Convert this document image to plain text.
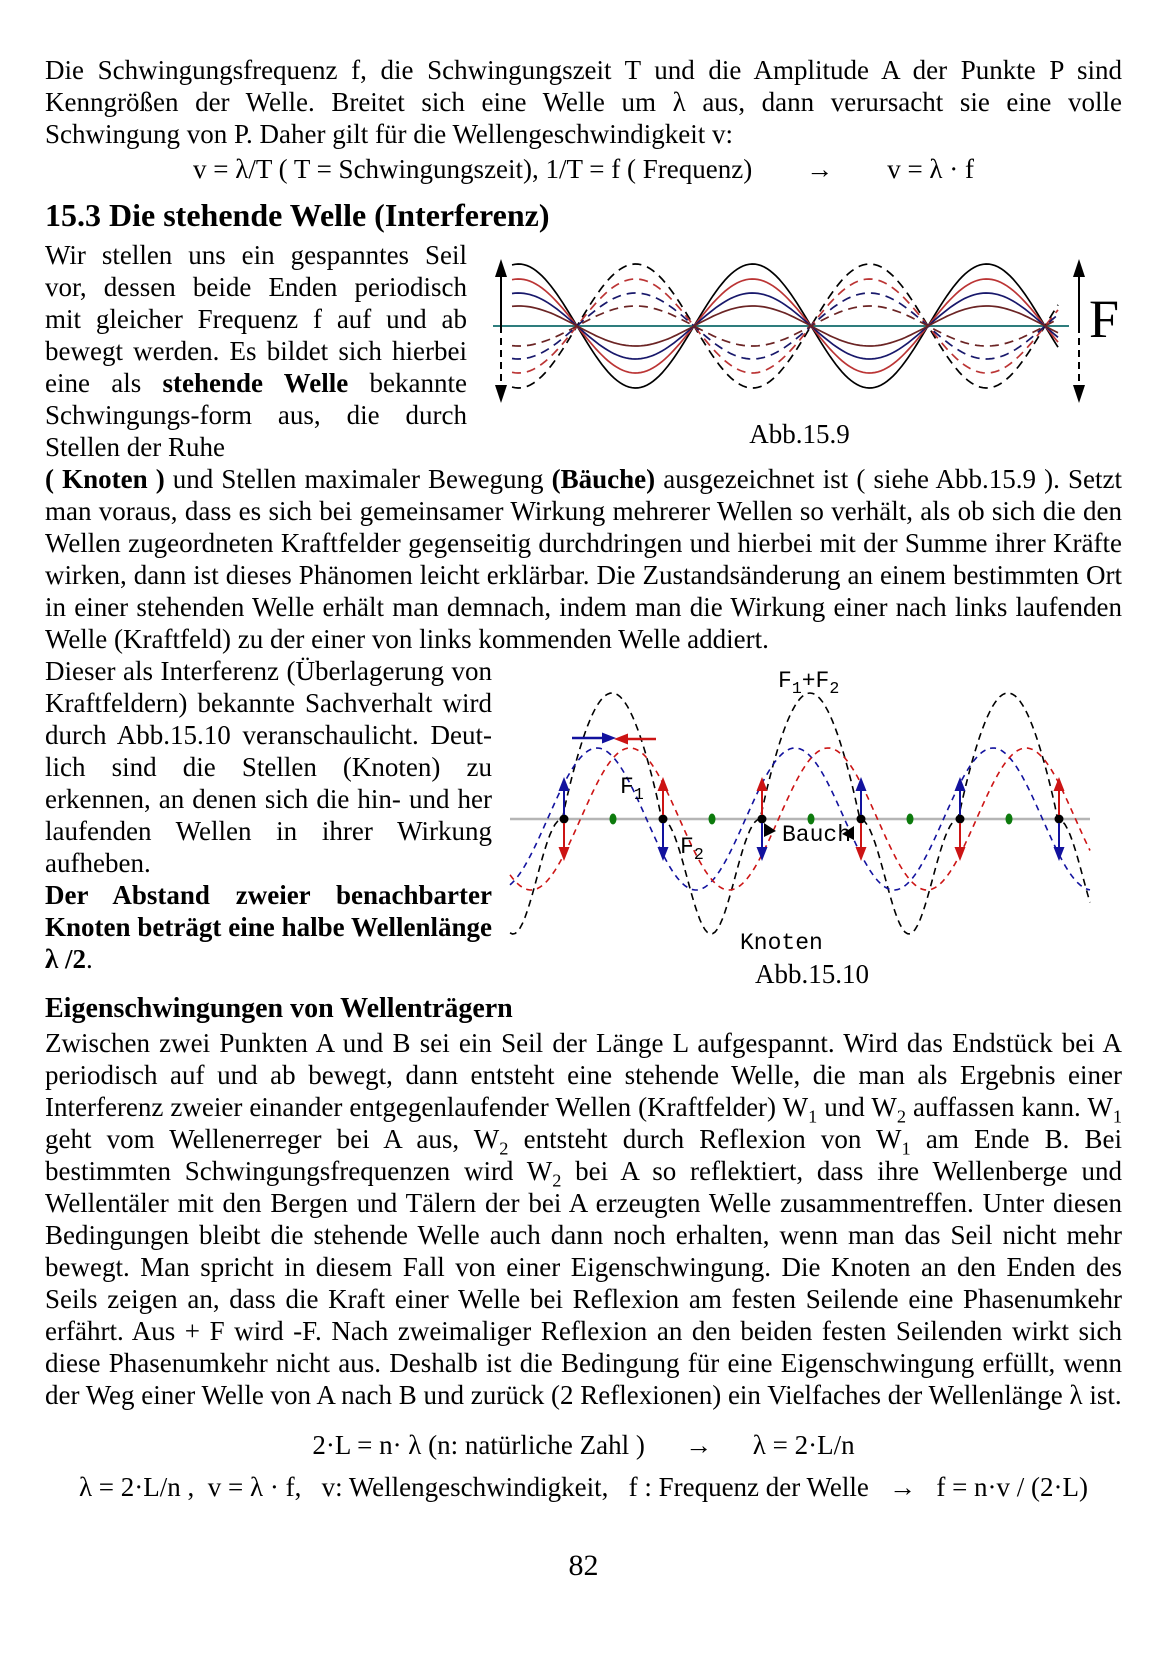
Die Schwingungsfrequenz f, die Schwingungszeit T und die Amplitude A der Punkte P sind Kenngrößen der Welle. Breitet sich eine Welle um λ aus, dann verursacht sie eine volle Schwingung von P. Daher gilt für die Wellengeschwindigkeit v:

v = λ/T ( T = Schwingungszeit), 1/T = f ( Frequenz)  →  v = λ · f
15.3 Die stehende Welle (Interferenz)
F
Abb.15.9

Wir stellen uns ein gespanntes Seil vor, dessen beide Enden periodisch mit gleicher Frequenz f auf und ab bewegt werden. Es bildet sich hierbei eine als stehende Welle bekannte Schwingungs-form aus, die durch Stellen der Ruhe

( Knoten ) und Stellen maximaler Bewegung (Bäuche) ausgezeichnet ist ( siehe Abb.15.9 ). Setzt man voraus, dass es sich bei gemeinsamer Wirkung mehrerer Wellen so verhält, als ob sich die den Wellen zugeordneten Kraftfelder gegenseitig durchdringen und hierbei mit der Summe ihrer Kräfte wirken, dann ist dieses Phänomen leicht erklärbar. Die Zustandsänderung an einem bestimmten Ort in einer stehenden Welle erhält man demnach, indem man die Wirkung einer nach links laufenden Welle (Kraftfeld) zu der einer von links kommenden Welle addiert.

$F_1+F_2$
$F_1$
$F_2$
Bauch
Knoten
Abb.15.10

Dieser als Interferenz (Überlagerung von Kraftfeldern) bekannte Sachverhalt wird durch Abb.15.10 veranschaulicht. Deut-lich sind die Stellen (Knoten) zu erkennen, an denen sich die hin- und her laufenden Wellen in ihrer Wirkung aufheben.

Der Abstand zweier benachbarter Knoten beträgt eine halbe Wellenlänge λ /2.

Eigenschwingungen von Wellenträgern

Zwischen zwei Punkten A und B sei ein Seil der Länge L aufgespannt. Wird das Endstück bei A periodisch auf und ab bewegt, dann entsteht eine stehende Welle, die man als Ergebnis einer Interferenz zweier einander entgegenlaufender Wellen (Kraftfelder) $W_1$ und $W_2$ auffassen kann. $W_1$ geht vom Wellenerreger bei A aus, $W_2$ entsteht durch Reflexion von $W_1$ am Ende B. Bei bestimmten Schwingungsfrequenzen wird $W_2$ bei A so reflektiert, dass ihre Wellenberge und Wellentäler mit den Bergen und Tälern der bei A erzeugten Welle zusammentreffen. Unter diesen Bedingungen bleibt die stehende Welle auch dann noch erhalten, wenn man das Seil nicht mehr bewegt. Man spricht in diesem Fall von einer Eigenschwingung. Die Knoten an den Enden des Seils zeigen an, dass die Kraft einer Welle bei Reflexion am festen Seilende eine Phasenumkehr erfährt. Aus + F wird -F. Nach zweimaliger Reflexion an den beiden festen Seilenden wirkt sich diese Phasenumkehr nicht aus. Deshalb ist die Bedingung für eine Eigenschwingung erfüllt, wenn der Weg einer Welle von A nach B und zurück (2 Reflexionen) ein Vielfaches der Wellenlänge λ ist.

2·L = n· λ (n: natürliche Zahl )  →  λ = 2·L/n
λ = 2·L/n ,  v = λ · f,  v: Wellengeschwindigkeit,  f : Frequenz der Welle  →  f = n·v / (2·L)
82
